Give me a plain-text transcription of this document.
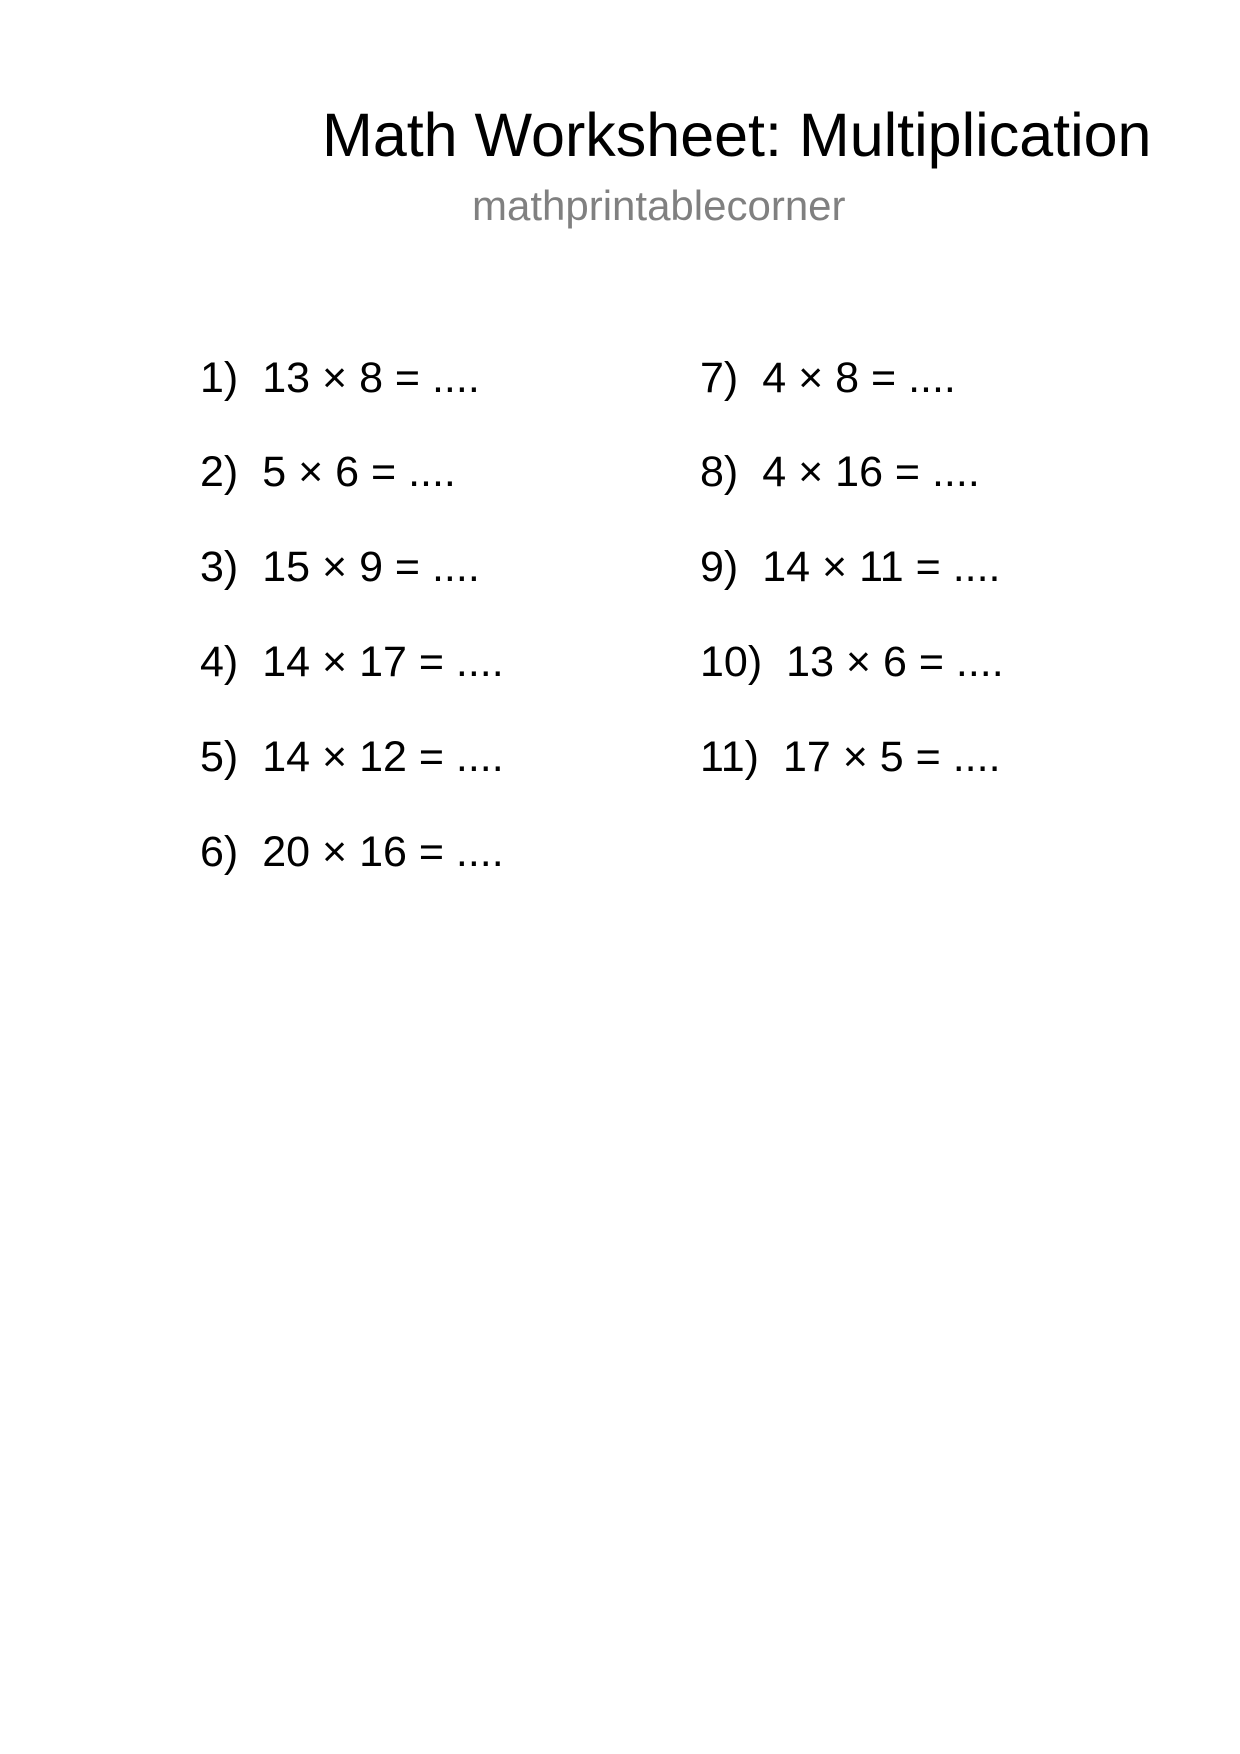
Math Worksheet: Multiplication
mathprintablecorner
1) 13 × 8 = ....
2) 5 × 6 = ....
3) 15 × 9 = ....
4) 14 × 17 = ....
5) 14 × 12 = ....
6) 20 × 16 = ....
7) 4 × 8 = ....
8) 4 × 16 = ....
9) 14 × 11 = ....
10) 13 × 6 = ....
11) 17 × 5 = ....
